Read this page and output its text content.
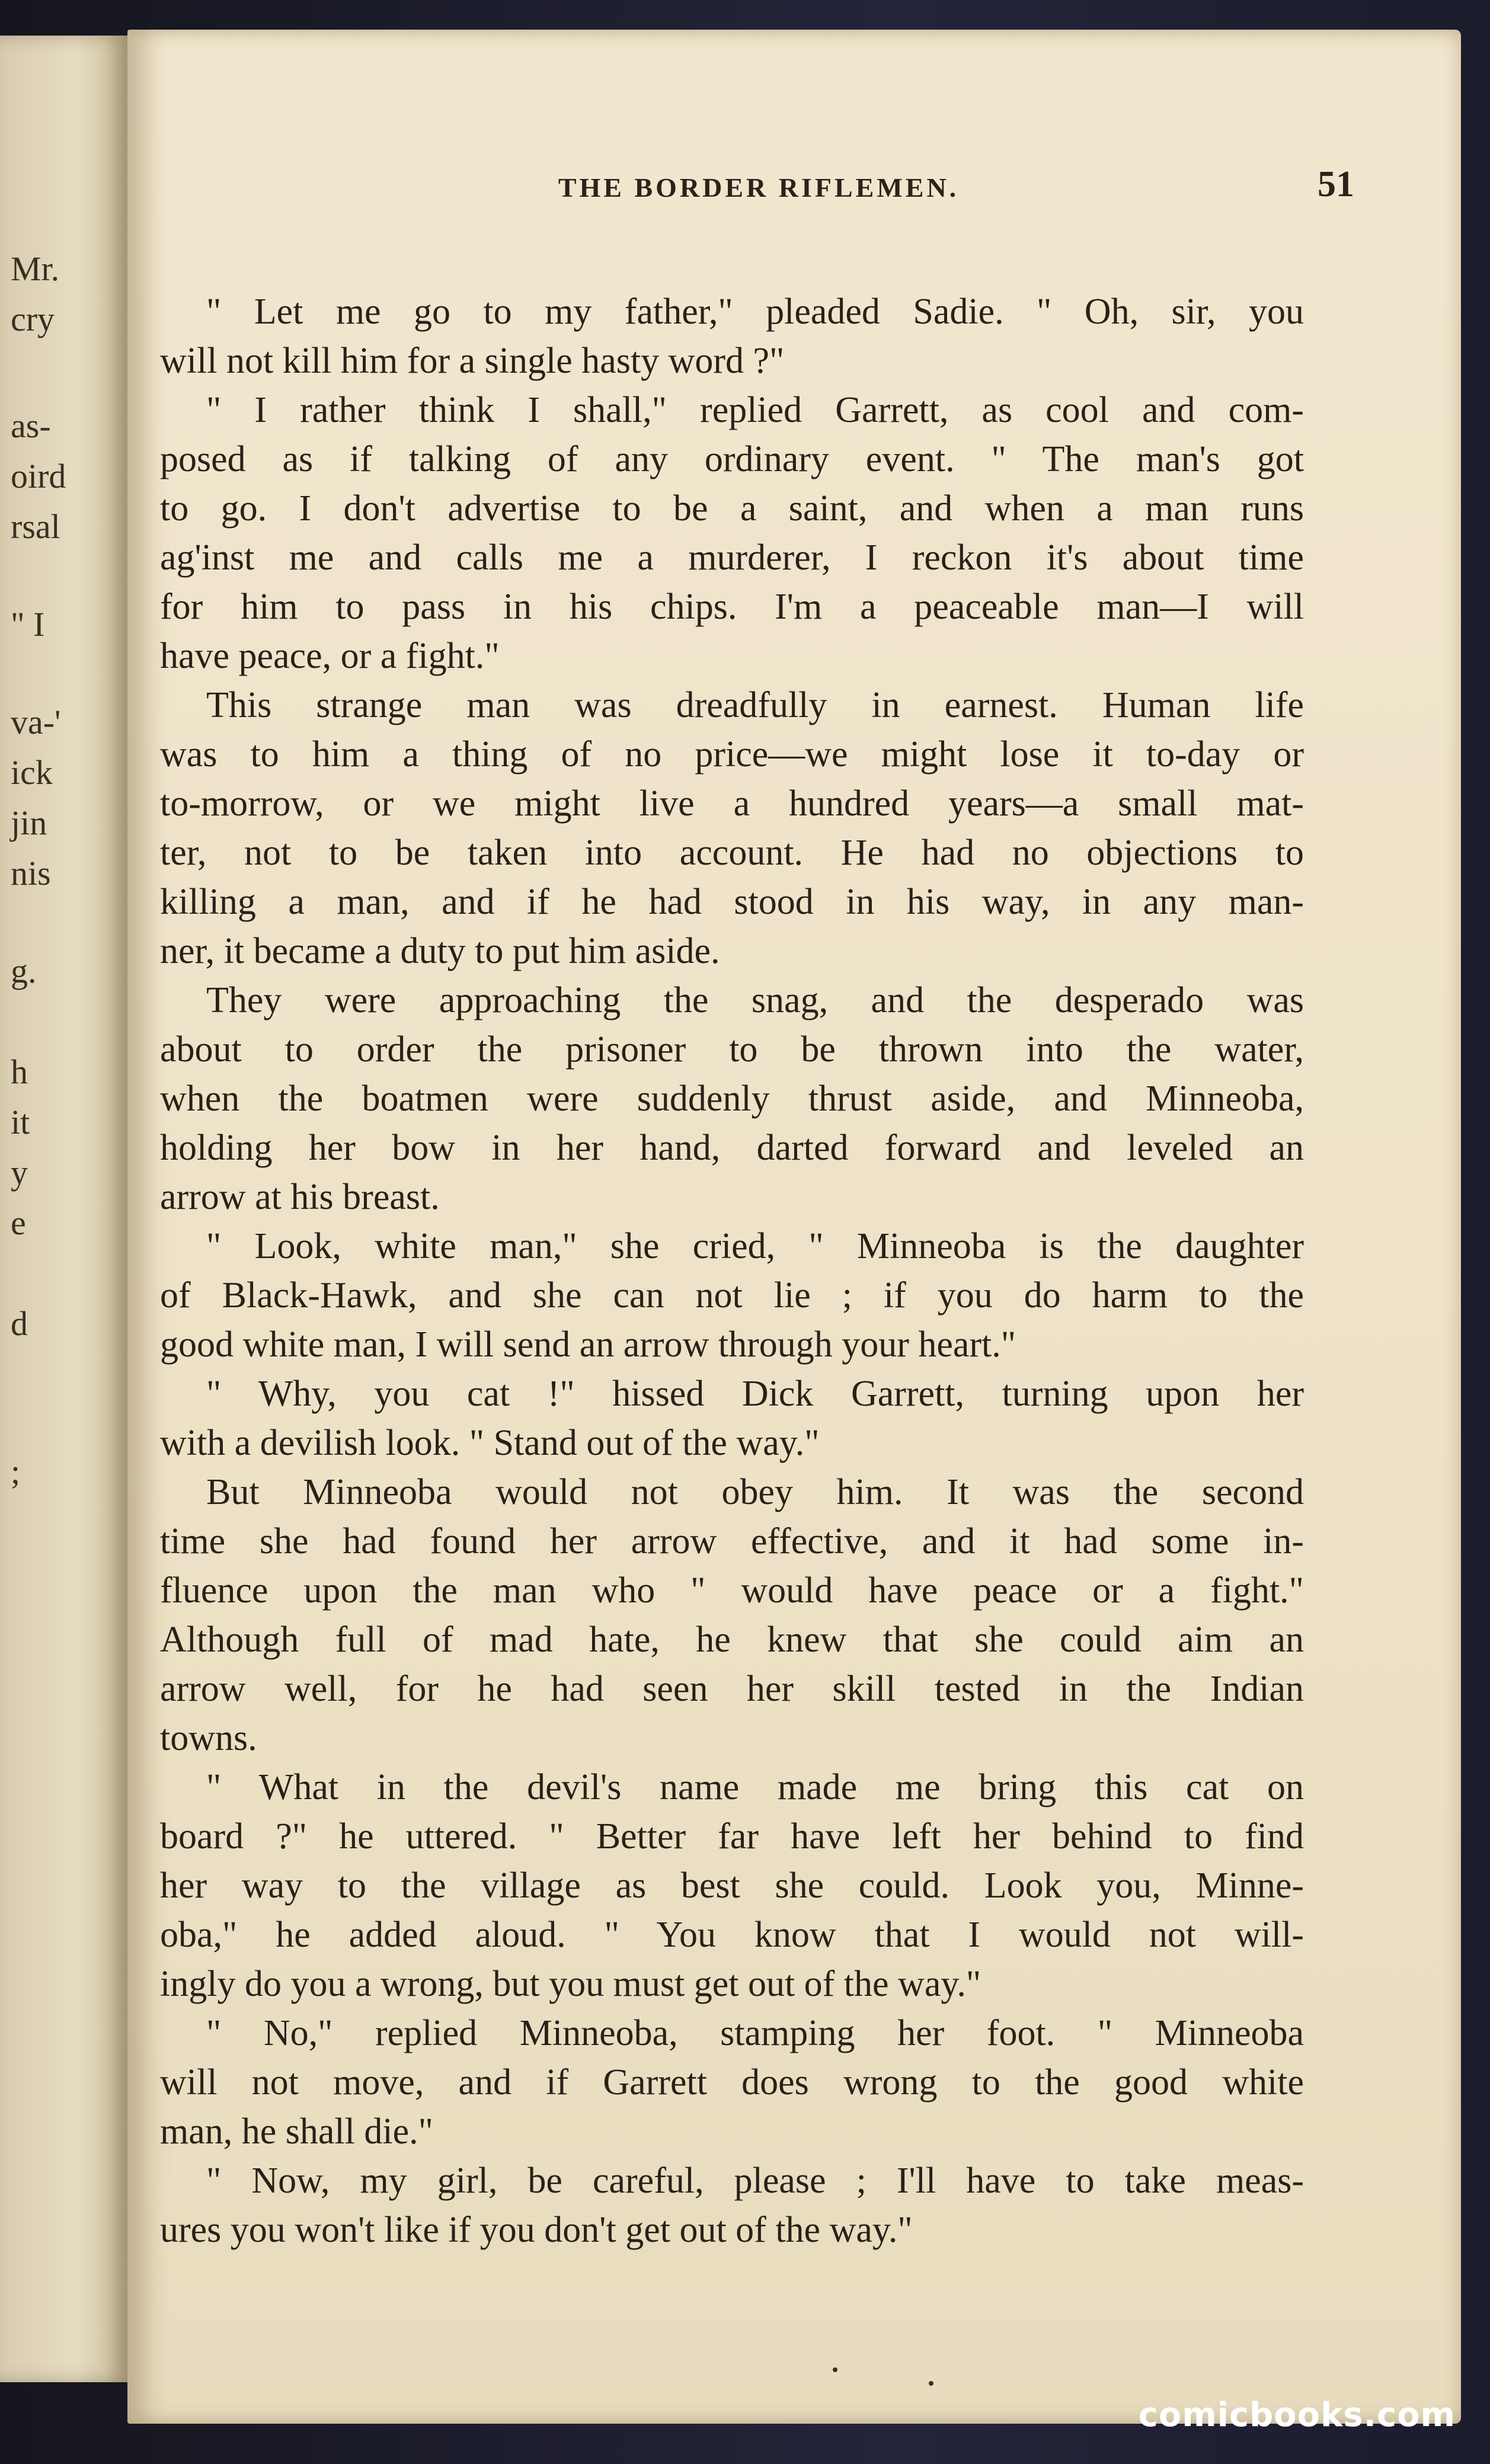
Mr.
cry
as-
oird
rsal
" I
va-'
ick
jin
nis
g.
h
it
y
e
d
;
THE BORDER RIFLEMEN.	51
" Let me go to my father," pleaded Sadie. " Oh, sir, you
will not kill him for a single hasty word ?"
" I rather think I shall," replied Garrett, as cool and com-
posed as if talking of any ordinary event. " The man's got
to go. I don't advertise to be a saint, and when a man runs
ag'inst me and calls me a murderer, I reckon it's about time
for him to pass in his chips. I'm a peaceable man—I will
have peace, or a fight."
This strange man was dreadfully in earnest. Human life
was to him a thing of no price—we might lose it to-day or
to-morrow, or we might live a hundred years—a small mat-
ter, not to be taken into account. He had no objections to
killing a man, and if he had stood in his way, in any man-
ner, it became a duty to put him aside.
They were approaching the snag, and the desperado was
about to order the prisoner to be thrown into the water,
when the boatmen were suddenly thrust aside, and Minneoba,
holding her bow in her hand, darted forward and leveled an
arrow at his breast.
" Look, white man," she cried, " Minneoba is the daughter
of Black-Hawk, and she can not lie ; if you do harm to the
good white man, I will send an arrow through your heart."
" Why, you cat !" hissed Dick Garrett, turning upon her
with a devilish look. " Stand out of the way."
But Minneoba would not obey him. It was the second
time she had found her arrow effective, and it had some in-
fluence upon the man who " would have peace or a fight."
Although full of mad hate, he knew that she could aim an
arrow well, for he had seen her skill tested in the Indian
towns.
" What in the devil's name made me bring this cat on
board ?" he uttered. " Better far have left her behind to find
her way to the village as best she could. Look you, Minne-
oba," he added aloud. " You know that I would not will-
ingly do you a wrong, but you must get out of the way."
" No," replied Minneoba, stamping her foot. " Minneoba
will not move, and if Garrett does wrong to the good white
man, he shall die."
" Now, my girl, be careful, please ; I'll have to take meas-
ures you won't like if you don't get out of the way."
comicbooks.com
